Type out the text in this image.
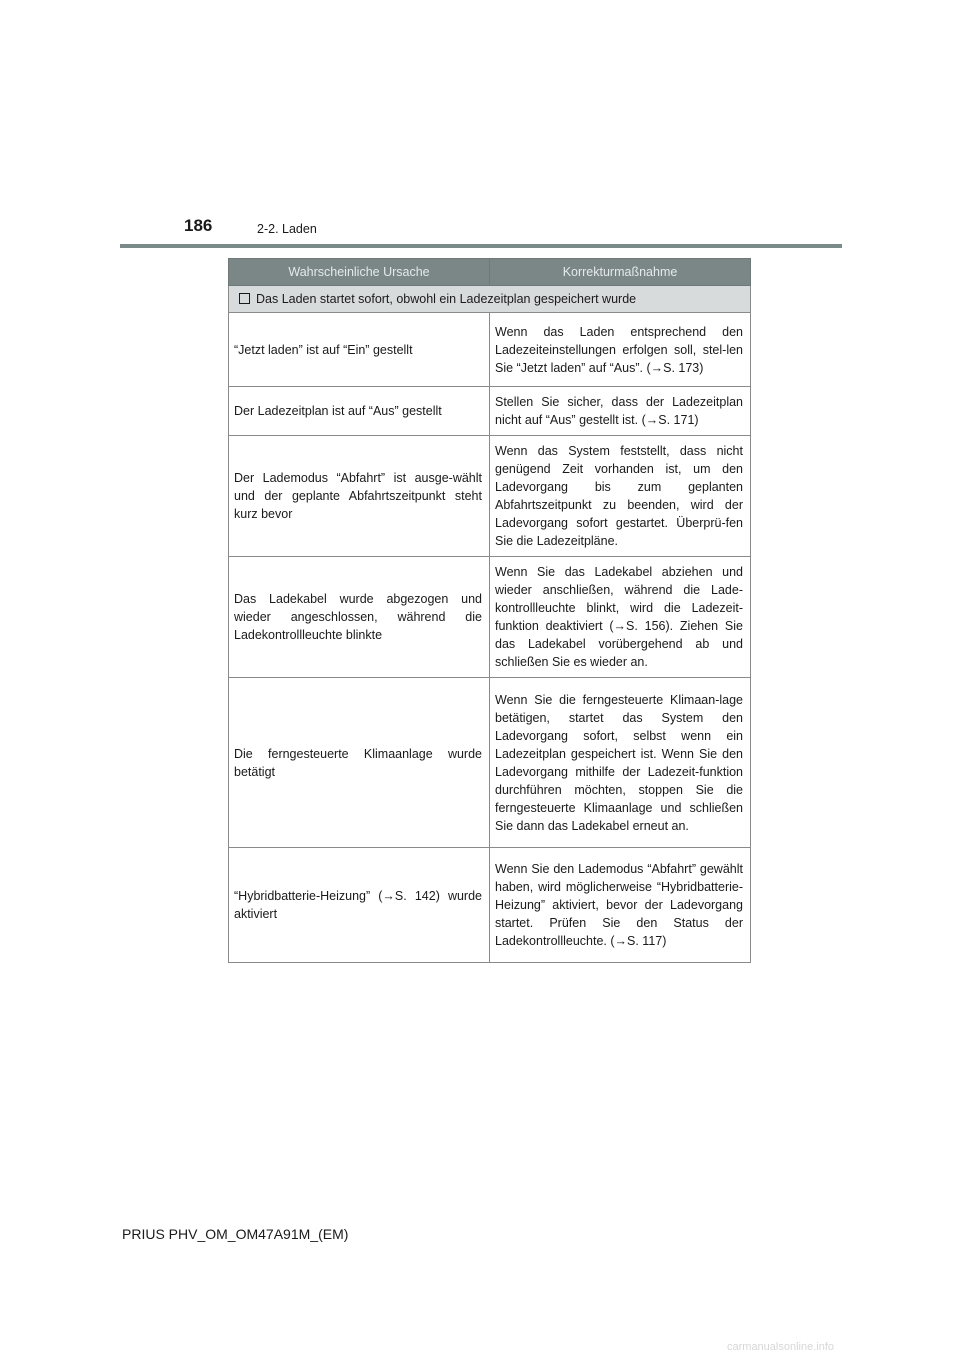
186	2-2. Laden
Wahrscheinliche Ursache	Korrekturmaßnahme
Das Laden startet sofort, obwohl ein Ladezeitplan gespeichert wurde	
“Jetzt laden” ist auf “Ein” gestellt	Wenn das Laden entsprechend den Ladezeiteinstellungen erfolgen soll, stel-len Sie “Jetzt laden” auf “Aus”. (→S. 173)
Der Ladezeitplan ist auf “Aus” gestellt	Stellen Sie sicher, dass der Ladezeitplan nicht auf “Aus” gestellt ist. (→S. 171)
Der Lademodus “Abfahrt” ist ausge-wählt und der geplante Abfahrtszeitpunkt steht kurz bevor	Wenn das System feststellt, dass nicht genügend Zeit vorhanden ist, um den Ladevorgang bis zum geplanten Abfahrtszeitpunkt zu beenden, wird der Ladevorgang sofort gestartet. Überprü-fen Sie die Ladezeitpläne.
Das Ladekabel wurde abgezogen und wieder angeschlossen, während die Ladekontrollleuchte blinkte	Wenn Sie das Ladekabel abziehen und wieder anschließen, während die Lade-kontrollleuchte blinkt, wird die Ladezeit-funktion deaktiviert (→S. 156). Ziehen Sie das Ladekabel vorübergehend ab und schließen Sie es wieder an.
Die ferngesteuerte Klimaanlage wurde betätigt	Wenn Sie die ferngesteuerte Klimaan-lage betätigen, startet das System den Ladevorgang sofort, selbst wenn ein Ladezeitplan gespeichert ist. Wenn Sie den Ladevorgang mithilfe der Ladezeit-funktion durchführen möchten, stoppen Sie die ferngesteuerte Klimaanlage und schließen Sie dann das Ladekabel erneut an.
“Hybridbatterie-Heizung” (→S. 142) wurde aktiviert	Wenn Sie den Lademodus “Abfahrt” gewählt haben, wird möglicherweise “Hybridbatterie-Heizung” aktiviert, bevor der Ladevorgang startet. Prüfen Sie den Status der Ladekontrollleuchte. (→S. 117)
PRIUS PHV_OM_OM47A91M_(EM)
carmanualsonline.info
